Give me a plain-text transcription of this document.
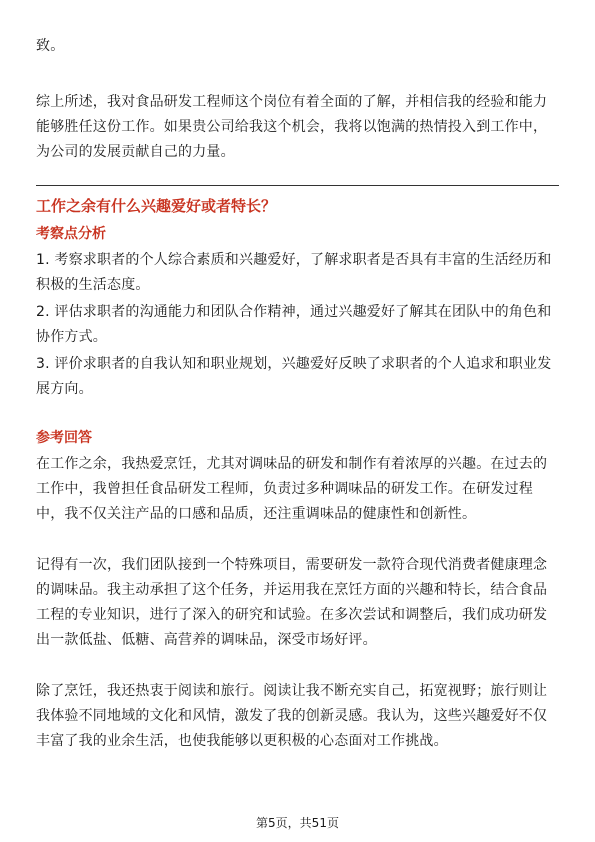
致。

综上所述，我对食品研发工程师这个岗位有着全面的了解，并相信我的经验和能力能够胜任这份工作。如果贵公司给我这个机会，我将以饱满的热情投入到工作中，为公司的发展贡献自己的力量。

工作之余有什么兴趣爱好或者特长？
考察点分析

1. 考察求职者的个人综合素质和兴趣爱好，了解求职者是否具有丰富的生活经历和积极的生活态度。

2. 评估求职者的沟通能力和团队合作精神，通过兴趣爱好了解其在团队中的角色和协作方式。

3. 评价求职者的自我认知和职业规划，兴趣爱好反映了求职者的个人追求和职业发展方向。

参考回答

在工作之余，我热爱烹饪，尤其对调味品的研发和制作有着浓厚的兴趣。在过去的工作中，我曾担任食品研发工程师，负责过多种调味品的研发工作。在研发过程中，我不仅关注产品的口感和品质，还注重调味品的健康性和创新性。

记得有一次，我们团队接到一个特殊项目，需要研发一款符合现代消费者健康理念的调味品。我主动承担了这个任务，并运用我在烹饪方面的兴趣和特长，结合食品工程的专业知识，进行了深入的研究和试验。在多次尝试和调整后，我们成功研发出一款低盐、低糖、高营养的调味品，深受市场好评。

除了烹饪，我还热衷于阅读和旅行。阅读让我不断充实自己，拓宽视野；旅行则让我体验不同地域的文化和风情，激发了我的创新灵感。我认为，这些兴趣爱好不仅丰富了我的业余生活，也使我能够以更积极的心态面对工作挑战。

第5页，共51页
